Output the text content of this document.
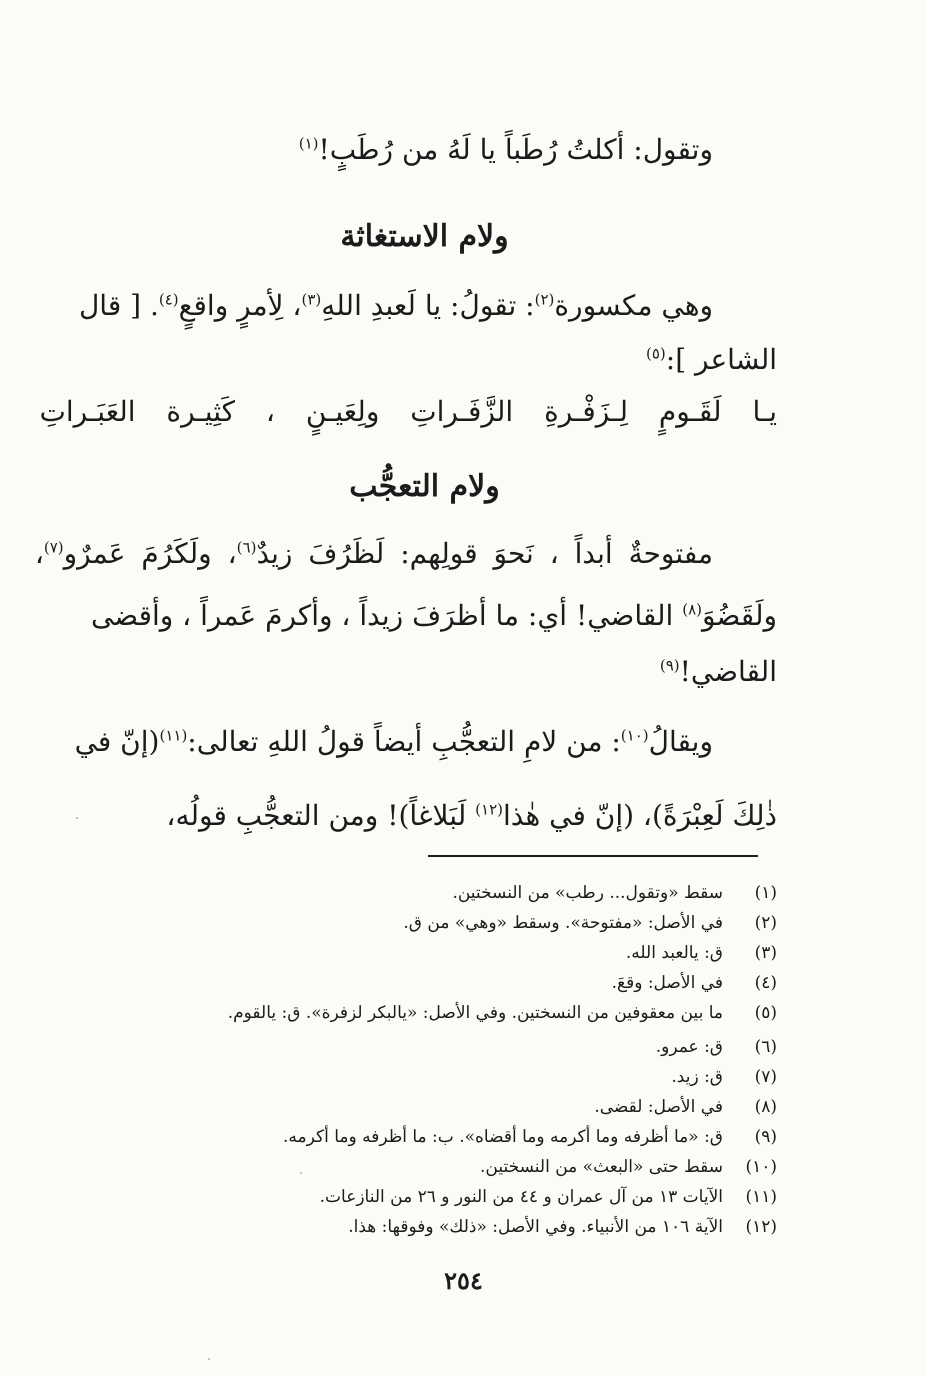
وتقول: أكلتُ رُطَباً يا لَهُ من رُطَبٍ!$^{(١)}$
ولام الاستغاثة
وهي مكسورة$^{(٢)}$: تقولُ: يا لَعبدِ اللهِ$^{(٣)}$، لِأمرٍ واقعٍ$^{(٤)}$. [ قال
الشاعر ]:$^{(٥)}$
يـا لَقَـومٍ لِـزَفْـرةِ الزَّفَـراتِ ولِعَيـنٍ ، كَثِيـرة العَبَـراتِ
ولام التعجُّب
مفتوحةٌ أبداً ، نَحوَ قولِهم: لَظَرُفَ زيدٌ$^{(٦)}$، ولَكَرُمَ عَمرٌو$^{(٧)}$،
ولَقَضُوَ$^{(٨)}$ القاضي! أي: ما أظرَفَ زيداً ، وأكرمَ عَمراً ، وأقضى
القاضي!$^{(٩)}$
ويقالُ$^{(١٠)}$: من لامِ التعجُّبِ أيضاً قولُ اللهِ تعالى:$^{(١١)}$(إنّ في
ذٰلِكَ لَعِبْرَةً)، (إنّ في هٰذا$^{(١٢)}$ لَبَلاغاً)! ومن التعجُّبِ قولُه،
(١)
سقط «وتقول... رطب» من النسختين.
(٢)
في الأصل: «مفتوحة». وسقط «وهي» من ق.
(٣)
ق: يالعبد الله.
(٤)
في الأصل: وقعَ.
(٥)
ما بين معقوفين من النسختين. وفي الأصل: «يالبكر لزفرة». ق: يالقوم.
(٦)
ق: عمرو.
(٧)
ق: زيد.
(٨)
في الأصل: لقضى.
(٩)
ق: «ما أظرفه وما أكرمه وما أقضاه». ب: ما أظرفه وما أكرمه.
(١٠)
سقط حتى «البعث» من النسختين.
(١١)
الآيات ١٣ من آل عمران و ٤٤ من النور و ٢٦ من النازعات.
(١٢)
الآية ١٠٦ من الأنبياء. وفي الأصل: «ذلك» وفوقها: هذا.
٢٥٤
